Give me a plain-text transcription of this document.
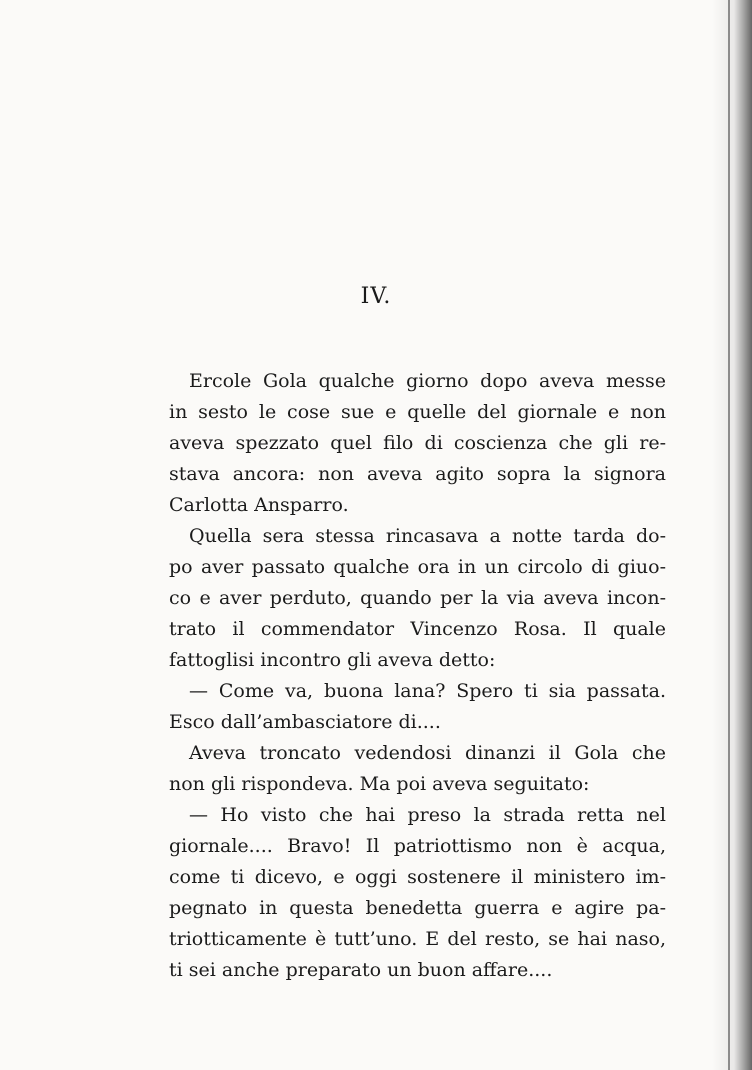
IV.
Ercole Gola qualche giorno dopo aveva messe
in sesto le cose sue e quelle del giornale e non
aveva spezzato quel filo di coscienza che gli re-
stava ancora: non aveva agito sopra la signora
Carlotta Ansparro.
Quella sera stessa rincasava a notte tarda do-
po aver passato qualche ora in un circolo di giuo-
co e aver perduto, quando per la via aveva incon-
trato il commendator Vincenzo Rosa. Il quale
fattoglisi incontro gli aveva detto:
— Come va, buona lana? Spero ti sia passata.
Esco dall’ambasciatore di....
Aveva troncato vedendosi dinanzi il Gola che
non gli rispondeva. Ma poi aveva seguitato:
— Ho visto che hai preso la strada retta nel
giornale.... Bravo! Il patriottismo non è acqua,
come ti dicevo, e oggi sostenere il ministero im-
pegnato in questa benedetta guerra e agire pa-
triotticamente è tutt’uno. E del resto, se hai naso,
ti sei anche preparato un buon affare....
